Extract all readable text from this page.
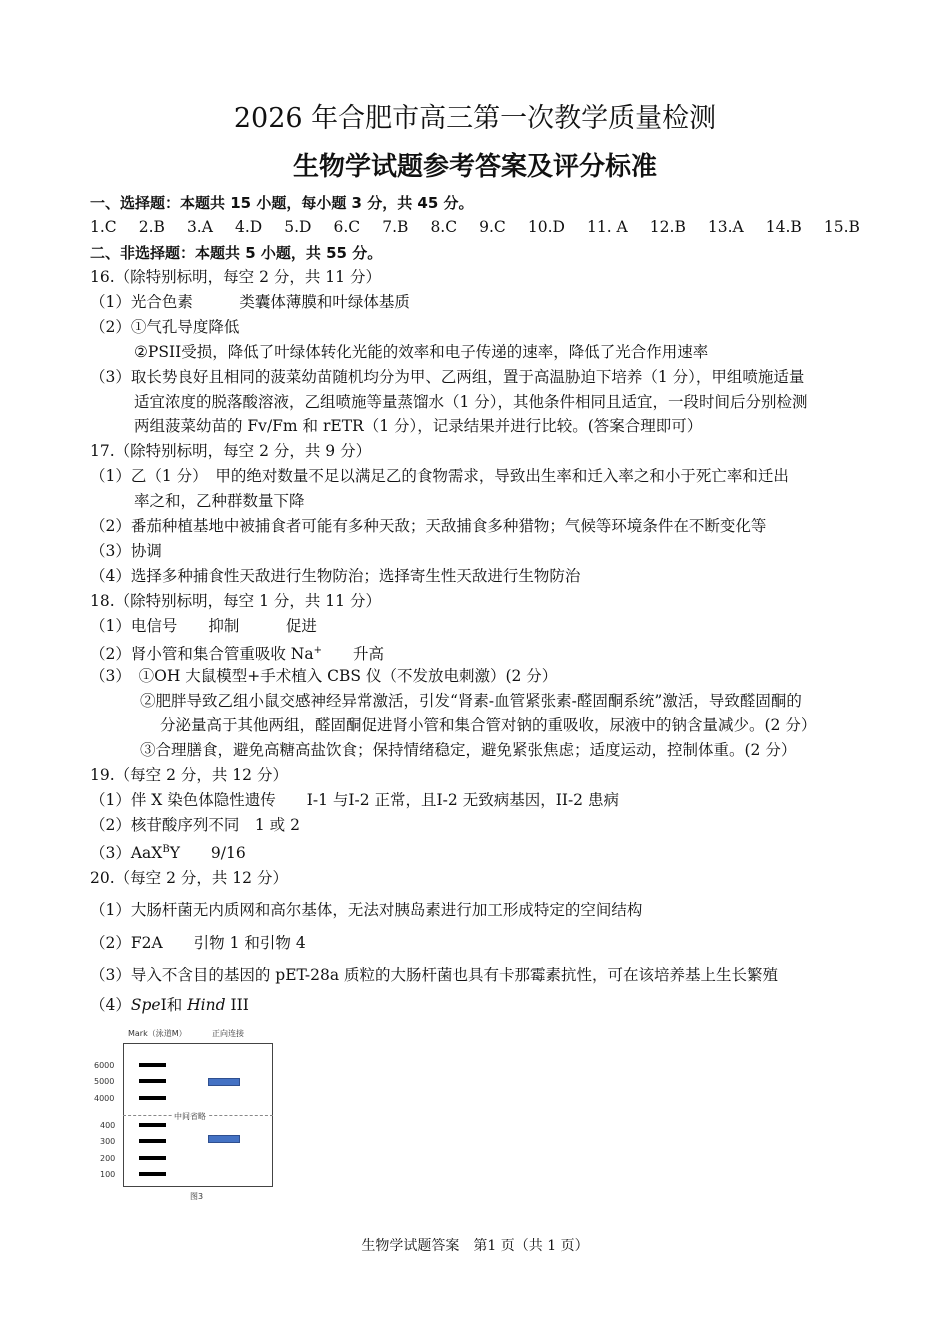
2026 年合肥市高三第一次教学质量检测
生物学试题参考答案及评分标准
一、选择题：本题共 15 小题，每小题 3 分，共 45 分。
1.C 2.B 3.A 4.D 5.D 6.C 7.B 8.C 9.C 10.D 11. A 12.B 13.A 14.B 15.B
二、非选择题：本题共 5 小题，共 55 分。
16.（除特别标明，每空 2 分，共 11 分）
（1）光合色素　　　类囊体薄膜和叶绿体基质
（2）①气孔导度降低
②PSII受损，降低了叶绿体转化光能的效率和电子传递的速率，降低了光合作用速率
（3）取长势良好且相同的菠菜幼苗随机均分为甲、乙两组，置于高温胁迫下培养（1 分），甲组喷施适量
适宜浓度的脱落酸溶液，乙组喷施等量蒸馏水（1 分），其他条件相同且适宜，一段时间后分别检测
两组菠菜幼苗的 Fv/Fm 和 rETR（1 分），记录结果并进行比较。(答案合理即可）
17.（除特别标明，每空 2 分，共 9 分）
（1）乙（1 分）　甲的绝对数量不足以满足乙的食物需求，导致出生率和迁入率之和小于死亡率和迁出
率之和，乙种群数量下降
（2）番茄种植基地中被捕食者可能有多种天敌；天敌捕食多种猎物；气候等环境条件在不断变化等
（3）协调
（4）选择多种捕食性天敌进行生物防治；选择寄生性天敌进行生物防治
18.（除特别标明，每空 1 分，共 11 分）
（1）电信号　　抑制　　　促进
（2）肾小管和集合管重吸收 Na+　　升高
（3）　①OH 大鼠模型+手术植入 CBS 仪（不发放电刺激）(2 分）
②肥胖导致乙组小鼠交感神经异常激活，引发“肾素-血管紧张素-醛固酮系统”激活，导致醛固酮的
分泌量高于其他两组，醛固酮促进肾小管和集合管对钠的重吸收，尿液中的钠含量减少。(2 分）
③合理膳食，避免高糖高盐饮食；保持情绪稳定，避免紧张焦虑；适度运动，控制体重。(2 分）
19.（每空 2 分，共 12 分）
（1）伴 X 染色体隐性遗传　　I-1 与I-2 正常，且I-2 无致病基因，II-2 患病
（2）核苷酸序列不同　1 或 2
（3）AaX$^B$Y　　9/16
20.（每空 2 分，共 12 分）
（1）大肠杆菌无内质网和高尔基体，无法对胰岛素进行加工形成特定的空间结构
（2）F2A　　引物 1 和引物 4
（3）导入不含目的基因的 pET-28a 质粒的大肠杆菌也具有卡那霉素抗性，可在该培养基上生长繁殖
（4）SpeI和 Hind III
Mark（泳道M）	正向连接
中间省略
6000
5000
4000
400
300
200
100
图3
生物学试题答案　第1 页（共 1 页）
